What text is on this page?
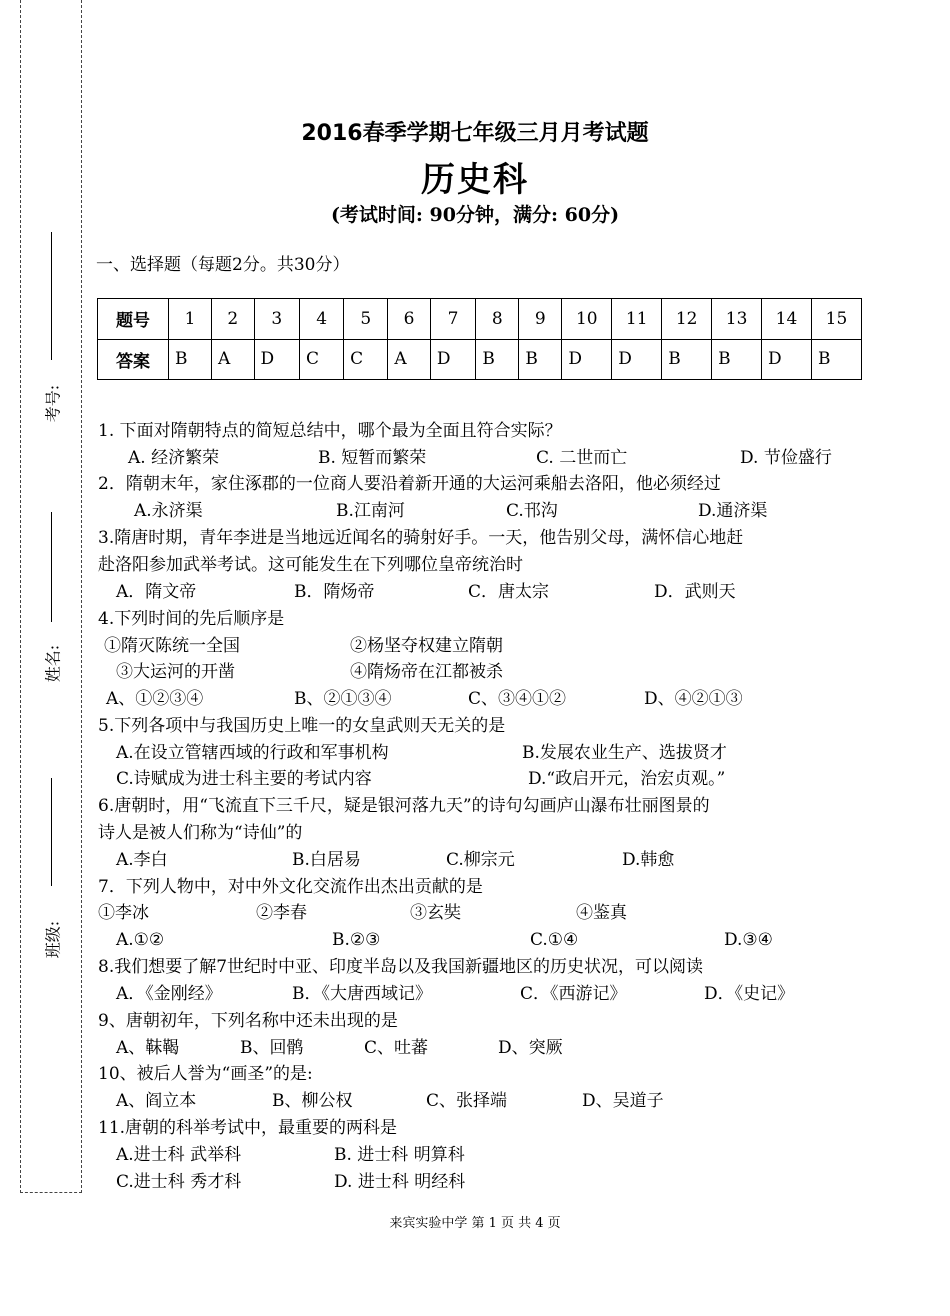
考号:
姓名:
班级:
2016春季学期七年级三月月考试题
历史科
(考试时间: 90分钟，满分: 60分)
一、选择题（每题2分。共30分）
题号	1	2	3	4	5	6	7	8	9	10	11	12	13	14	15
答案	B	A	D	C	C	A	D	B	B	D	D	B	B	D	B
1. 下面对隋朝特点的简短总结中，哪个最为全面且符合实际？
A. 经济繁荣	B. 短暂而繁荣	C. 二世而亡	D. 节俭盛行
2．隋朝末年，家住涿郡的一位商人要沿着新开通的大运河乘船去洛阳，他必须经过
A.永济渠	B.江南河	C.邗沟	D.通济渠
3.隋唐时期，青年李进是当地远近闻名的骑射好手。一天，他告别父母，满怀信心地赶
赴洛阳参加武举考试。这可能发生在下列哪位皇帝统治时
A．隋文帝	B．隋炀帝	C．唐太宗	D．武则天
4.下列时间的先后顺序是
①隋灭陈统一全国	②杨坚夺权建立隋朝
③大运河的开凿	④隋炀帝在江都被杀
A、①②③④	B、②①③④	C、③④①②	D、④②①③
5.下列各项中与我国历史上唯一的女皇武则天无关的是
A.在设立管辖西域的行政和军事机构	B.发展农业生产、选拔贤才
C.诗赋成为进士科主要的考试内容	D.“政启开元，治宏贞观。”
6.唐朝时，用“飞流直下三千尺，疑是银河落九天”的诗句勾画庐山瀑布壮丽图景的
诗人是被人们称为“诗仙”的
A.李白	B.白居易	C.柳宗元	D.韩愈
7．下列人物中，对中外文化交流作出杰出贡献的是
①李冰	②李春	③玄奘	④鉴真
A.①②	B.②③	C.①④	D.③④
8.我们想要了解7世纪时中亚、印度半岛以及我国新疆地区的历史状况，可以阅读
A．《金刚经》	B．《大唐西域记》	C．《西游记》	D．《史记》
9、唐朝初年，下列名称中还未出现的是
A、靺鞨	B、回鹘	C、吐蕃	D、突厥
10、被后人誉为“画圣”的是:
A、阎立本	B、柳公权	C、张择端	D、吴道子
11.唐朝的科举考试中，最重要的两科是
A.进士科 武举科	B. 进士科 明算科
C.进士科 秀才科	D. 进士科 明经科
来宾实验中学 第 1 页 共 4 页
